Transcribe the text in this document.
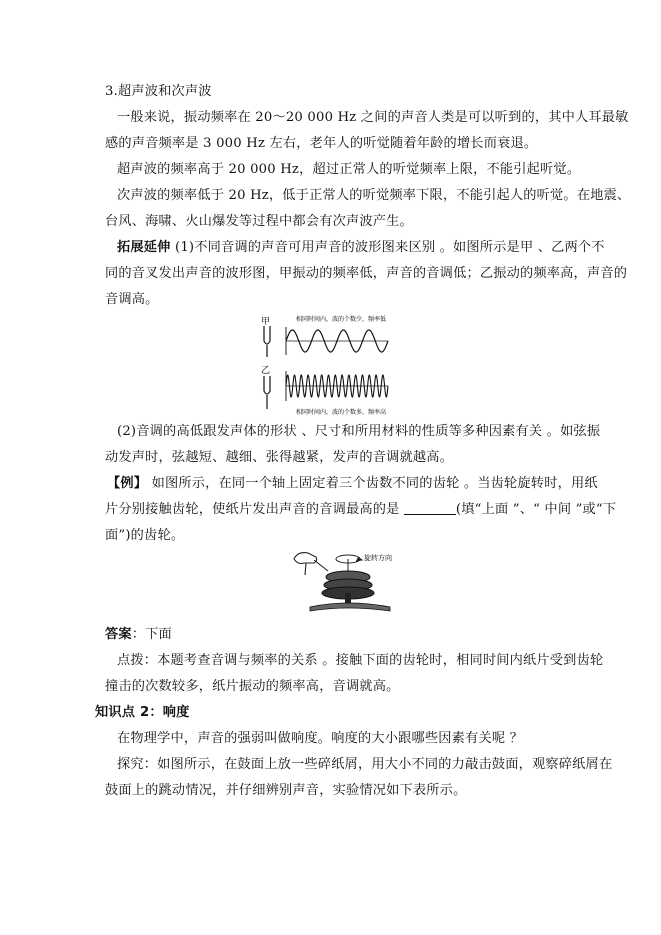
3.超声波和次声波
一般来说，振动频率在 20～20 000 Hz 之间的声音人类是可以听到的，其中人耳最敏
感的声音频率是 3 000 Hz 左右，老年人的听觉随着年龄的增长而衰退。
超声波的频率高于 20 000 Hz，超过正常人的听觉频率上限，不能引起听觉。
次声波的频率低于 20 Hz，低于正常人的听觉频率下限，不能引起人的听觉。在地震、
台风、海啸、火山爆发等过程中都会有次声波产生。
拓展延伸 (1)不同音调的声音可用声音的波形图来区别 。如图所示是甲 、乙两个不
同的音叉发出声音的波形图，甲振动的频率低，声音的音调低；乙振动的频率高，声音的
音调高。
甲
乙
相同时间内，波的个数少，频率低
相同时间内，波的个数多，频率高
(2)音调的高低跟发声体的形状 、尺寸和所用材料的性质等多种因素有关 。如弦振
动发声时，弦越短、越细、张得越紧，发声的音调就越高。
【例】 如图所示，在同一个轴上固定着三个齿数不同的齿轮 。当齿轮旋转时，用纸
片分别接触齿轮，使纸片发出声音的音调最高的是	(填“上面 ”、“ 中间 ”或“下
面”)的齿轮。
旋转方向
答案：下面
点拨：本题考查音调与频率的关系 。接触下面的齿轮时，相同时间内纸片受到齿轮
撞击的次数较多，纸片振动的频率高，音调就高。
知识点 2：响度
在物理学中，声音的强弱叫做响度。响度的大小跟哪些因素有关呢 ？
探究：如图所示，在鼓面上放一些碎纸屑，用大小不同的力敲击鼓面，观察碎纸屑在
鼓面上的跳动情况，并仔细辨别声音，实验情况如下表所示。
